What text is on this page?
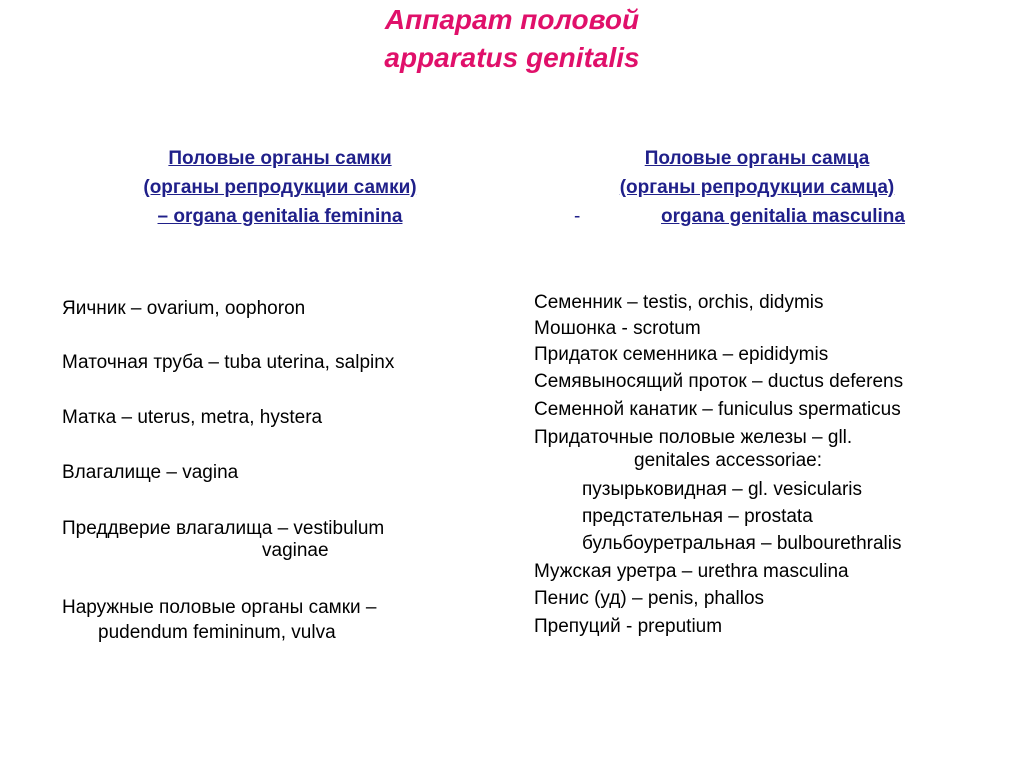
Аппарат половой
apparatus genitalis
Половые органы самки
(органы репродукции самки)
– organa genitalia feminina
Половые органы самца
(органы репродукции самца)
organa genitalia masculina
-
Яичник – ovarium, oophoron
Маточная труба – tuba uterina, salpinx
Матка – uterus, metra, hystera
Влагалище – vagina
Преддверие влагалища – vestibulum
vaginae
Наружные половые органы самки –
pudendum femininum, vulva
Семенник – testis, orchis, didymis
Мошонка - scrotum
Придаток семенника – epididymis
Семявыносящий проток – ductus deferens
Семенной канатик – funiculus spermaticus
Придаточные половые железы – gll.
genitales accessoriae:
пузырьковидная – gl. vesicularis
предстательная – prostata
бульбоуретральная – bulbourethralis
Мужская уретра – urethra masculina
Пенис (уд) – penis, phallos
Препуций - preputium
